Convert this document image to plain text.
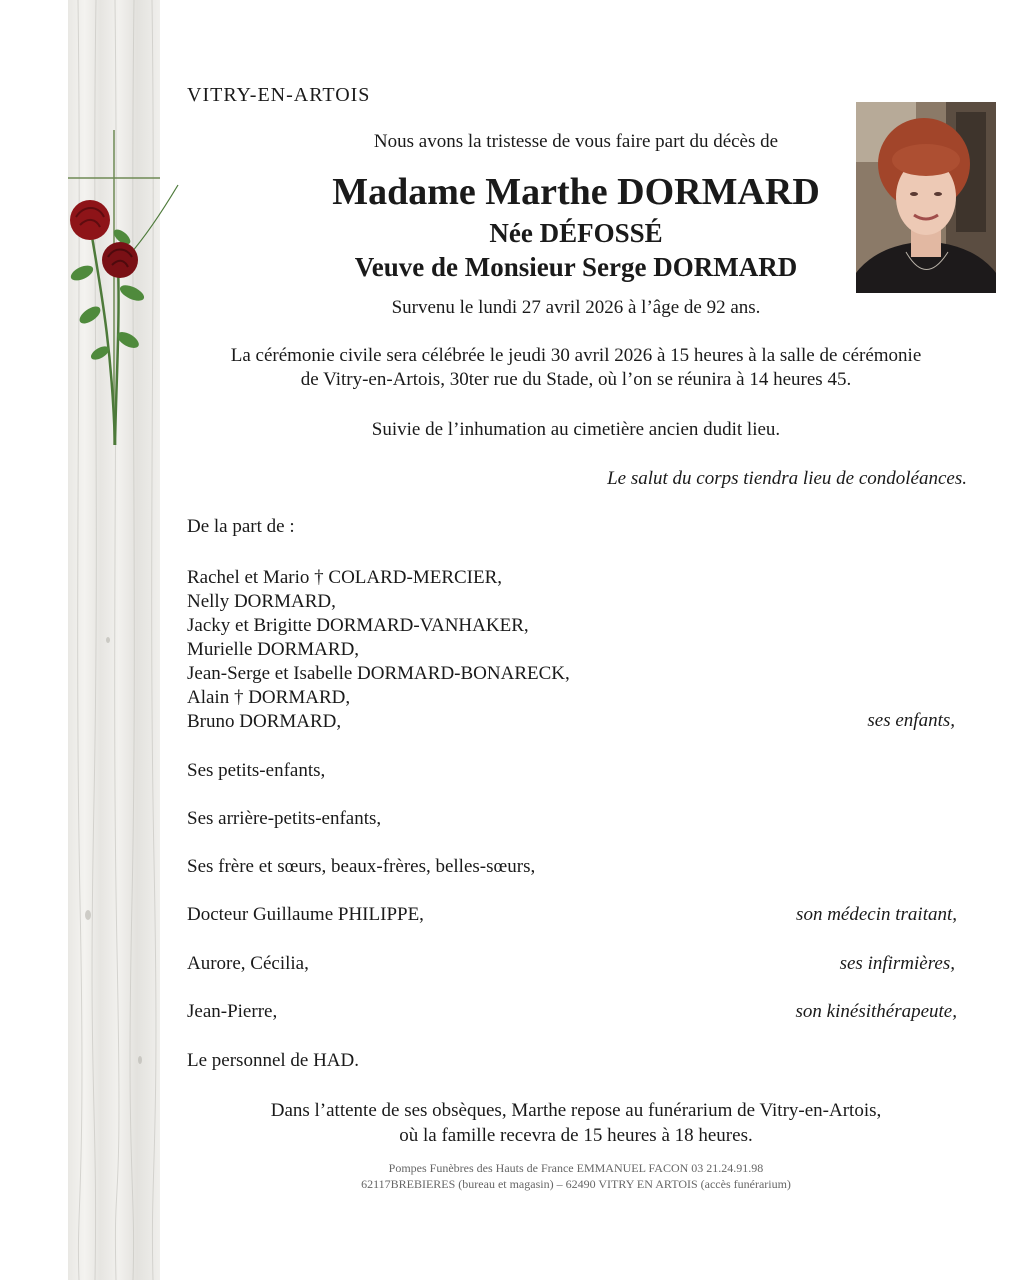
VITRY-EN-ARTOIS
Nous avons la tristesse de vous faire part du décès de
Madame Marthe DORMARD
Née DÉFOSSÉ
Veuve de Monsieur Serge DORMARD
Survenu le lundi 27 avril 2026 à l’âge de 92 ans.
La cérémonie civile sera célébrée le jeudi 30 avril 2026 à 15 heures à la salle de cérémonie
de Vitry-en-Artois, 30ter rue du Stade, où l’on se réunira à 14 heures 45.
Suivie de l’inhumation au cimetière ancien dudit lieu.
Le salut du corps tiendra lieu de condoléances.
De la part de :
Rachel et Mario † COLARD-MERCIER,
Nelly DORMARD,
Jacky et Brigitte DORMARD-VANHAKER,
Murielle DORMARD,
Jean-Serge et Isabelle DORMARD-BONARECK,
Alain † DORMARD,
Bruno DORMARD,	ses enfants,
Ses petits-enfants,
Ses arrière-petits-enfants,
Ses frère et sœurs, beaux-frères, belles-sœurs,
Docteur Guillaume PHILIPPE,	son médecin traitant,
Aurore, Cécilia,	ses infirmières,
Jean-Pierre,	son kinésithérapeute,
Le personnel de HAD.
Dans l’attente de ses obsèques, Marthe repose au funérarium de Vitry-en-Artois,
où la famille recevra de 15 heures à 18 heures.
Pompes Funèbres des Hauts de France EMMANUEL FACON 03 21.24.91.98
62117BREBIERES (bureau et magasin) – 62490 VITRY EN ARTOIS (accès funérarium)
